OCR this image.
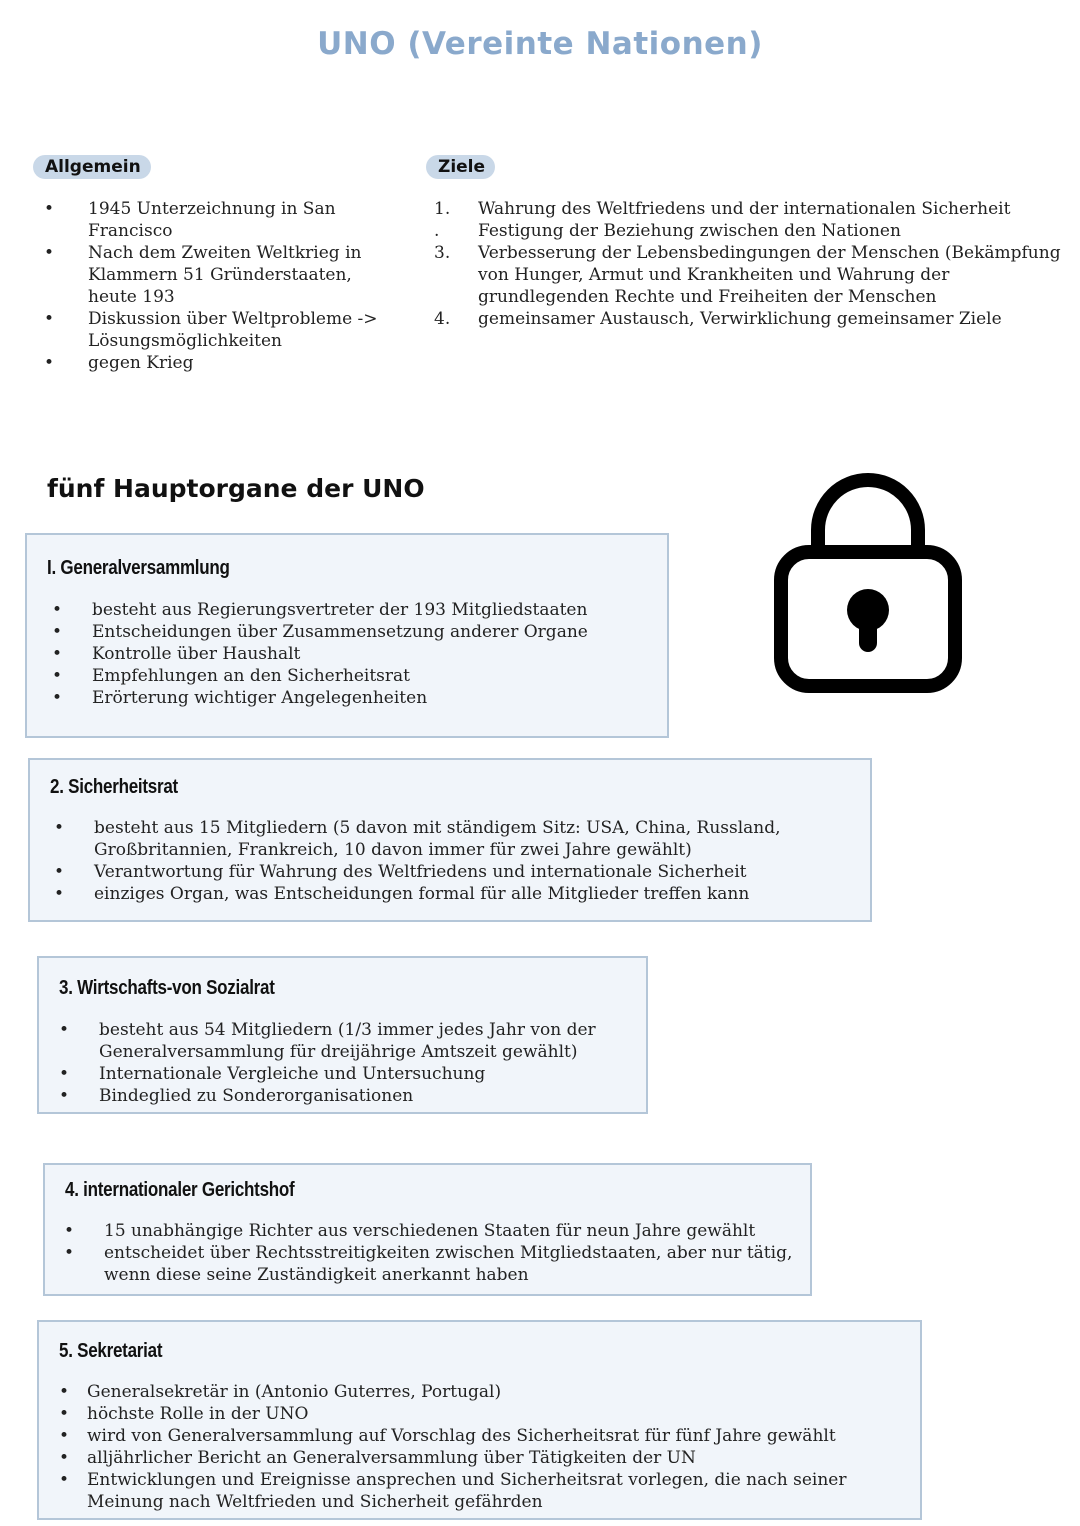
UNO (Vereinte Nationen)
Allgemein
•	1945 Unterzeichnung in San Francisco
•	Nach dem Zweiten Weltkrieg in Klammern 51 Gründerstaaten, heute 193
•	Diskussion über Weltprobleme -> Lösungsmöglichkeiten
•	gegen Krieg
Ziele
1.	Wahrung des Weltfriedens und der internationalen Sicherheit
.	Festigung der Beziehung zwischen den Nationen
3.	Verbesserung der Lebensbedingungen der Menschen (Bekämpfung von Hunger, Armut und Krankheiten und Wahrung der grundlegenden Rechte und Freiheiten der Menschen
4.	gemeinsamer Austausch, Verwirklichung gemeinsamer Ziele
fünf Hauptorgane der UNO
I. Generalversammlung
• besteht aus Regierungsvertreter der 193 Mitgliedstaaten
• Entscheidungen über Zusammensetzung anderer Organe
• Kontrolle über Haushalt
• Empfehlungen an den Sicherheitsrat
• Erörterung wichtiger Angelegenheiten
2. Sicherheitsrat
• besteht aus 15 Mitgliedern (5 davon mit ständigem Sitz: USA, China, Russland, Großbritannien, Frankreich, 10 davon immer für zwei Jahre gewählt)
• Verantwortung für Wahrung des Weltfriedens und internationale Sicherheit
• einziges Organ, was Entscheidungen formal für alle Mitglieder treffen kann
3. Wirtschafts-von Sozialrat
• besteht aus 54 Mitgliedern (1/3 immer jedes Jahr von der Generalversammlung für dreijährige Amtszeit gewählt)
• Internationale Vergleiche und Untersuchung
• Bindeglied zu Sonderorganisationen
4. internationaler Gerichtshof
• 15 unabhängige Richter aus verschiedenen Staaten für neun Jahre gewählt
• entscheidet über Rechtsstreitigkeiten zwischen Mitgliedstaaten, aber nur tätig, wenn diese seine Zuständigkeit anerkannt haben
5. Sekretariat
• Generalsekretär in (Antonio Guterres, Portugal)
• höchste Rolle in der UNO
• wird von Generalversammlung auf Vorschlag des Sicherheitsrat für fünf Jahre gewählt
• alljährlicher Bericht an Generalversammlung über Tätigkeiten der UN
• Entwicklungen und Ereignisse ansprechen und Sicherheitsrat vorlegen, die nach seiner Meinung nach Weltfrieden und Sicherheit gefährden
